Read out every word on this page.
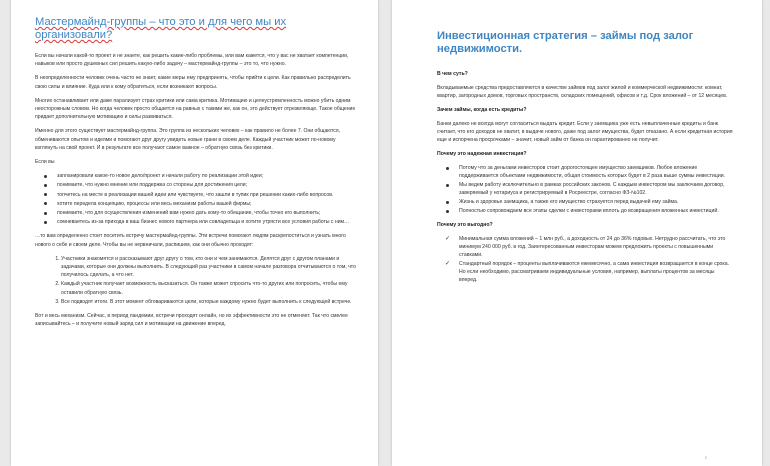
Мастермайнд-группы – что это и для чего мы их организовали?

Если вы начали какой-то проект и не знаете, как решить какие-либо проблемы, или вам кажется, что у вас не хватает компетенции, навыков или просто душевных сил решить какую-либо задачу – мастермайнд-группы – это то, что нужно.

В неопределенности человек очень часто не знает, какие меры ему предпринять, чтобы прийти к цели. Как правильно распределить свою силы и влияние. Куда или к кому обратиться, если возникают вопросы.

Многих останавливает или даже парализует страх критики или сама критика. Мотивацию и целеустремленность можно убить одним неосторожным словом. Но когда человек просто общается на равных с такими же, как он, это действует отрезвляюще. Такое общение придает дополнительную мотивацию и силы развиваться.

Именно для этого существует мастермайнд-группа. Это группа из нескольких человек – как правило не более 7. Они общаются, обмениваются опытом и идеями и помогают друг другу увидеть новые грани в своем деле. Каждый участник может по-новому взглянуть на свой проект. И в результате все получают самое важное – обратную связь без критики.

Если вы

запланировали какое-то новое дело/проект и начали работу по реализации этой идеи;
понимаете, что нужно мнение или поддержка со стороны для достижения цели;
топчетесь на месте в реализации вашей идеи или чувствуете, что зашли в тупик при решении каких-либо вопросов.
хотите передела концепцию, процессы или весь механизм работы вашей фирмы;
понимаете, что для осуществления изменений вам нужно дать кому-то обещание, чтобы точно его выполнить;
сомневаетесь из-за прихода в ваш бизнес нового партнера или совладельца и хотите утрясти все условия работы с ним…

…то вам определенно стоит посетить встречу мастермайнд-группы. Эти встречи помогают людям раскрепоститься и узнать много нового о себе и своем деле. Чтобы вы не нервничали, распишем, как они обычно проходят:

1. Участники знакомятся и рассказывают друг другу о том, кто они и чем занимаются. Делятся друг с другом планами и задачами, которые они должны выполнить. В следующий раз участники в самом начале разговора отчитываются о том, что получилось сделать, а что нет.
2. Каждый участник получает возможность высказаться. Он также может спросить что-то других или попросить, чтобы ему оставили обратную связь.
3. Все подводят итоги. В этот момент обговариваются цели, которые каждому нужно будет выполнить к следующей встрече.

Вот и весь механизм. Сейчас, в период пандемии, встречи проходят онлайн, но их эффективности это не отменяет. Так что смелее записывайтесь – и получите новый заряд сил и мотивации на движение вперед.

Инвестиционная стратегия – займы под залог недвижимости.

В чем суть?

Вкладываемые средства предоставляются в качестве займов под залог жилой и коммерческой недвижимости: комнат, квартир, загородных домов, торговых пространств, складских помещений, офисов и т.д. Срок вложений – от 12 месяцев.

Зачем займы, когда есть кредиты?

Банки далеко не всегда могут согласиться выдать кредит. Если у заемщика уже есть невыплаченные кредиты и банк считает, что его доходов не хватит, в выдаче нового, даже под залог имущества, будет отказано. А если кредитная история еще и испорчена просрочками – значит, новый займ от банка он гарантированно не получит.

Почему это надежная инвестиция?

Потому что за деньгами инвесторов стоит дорогостоящее имущество заемщиков. Любое вложение поддерживается объектами недвижимости, общая стоимость которых будет в 2 раза выше суммы инвестиции.
Мы ведем работу исключительно в рамках российских законов. С каждым инвестором мы заключаем договор, заверяемый у нотариуса и регистрируемый в Росреестре, согласно ФЗ-№102.
Жизнь и здоровье заемщика, а также его имущество страхуется перед выдачей ему займа.
Полностью сопровождаем все этапы сделки с инвесторами вплоть до возвращения вложенных инвестиций.

Почему это выгодно?

✓ Минимальная сумма вложений – 1 млн руб., а доходность от 24 до 36% годовых. Нетрудно рассчитать, что это минимум 240 000 руб. в год. Заинтересованным инвесторам можем предложить проекты с повышенными ставками.
✓ Стандартный порядок – проценты выплачиваются ежемесячно, а сама инвестиция возвращается в конце срока. Но если необходимо, рассматриваем индивидуальные условия, например, выплаты процентов за месяцы вперед.
2
